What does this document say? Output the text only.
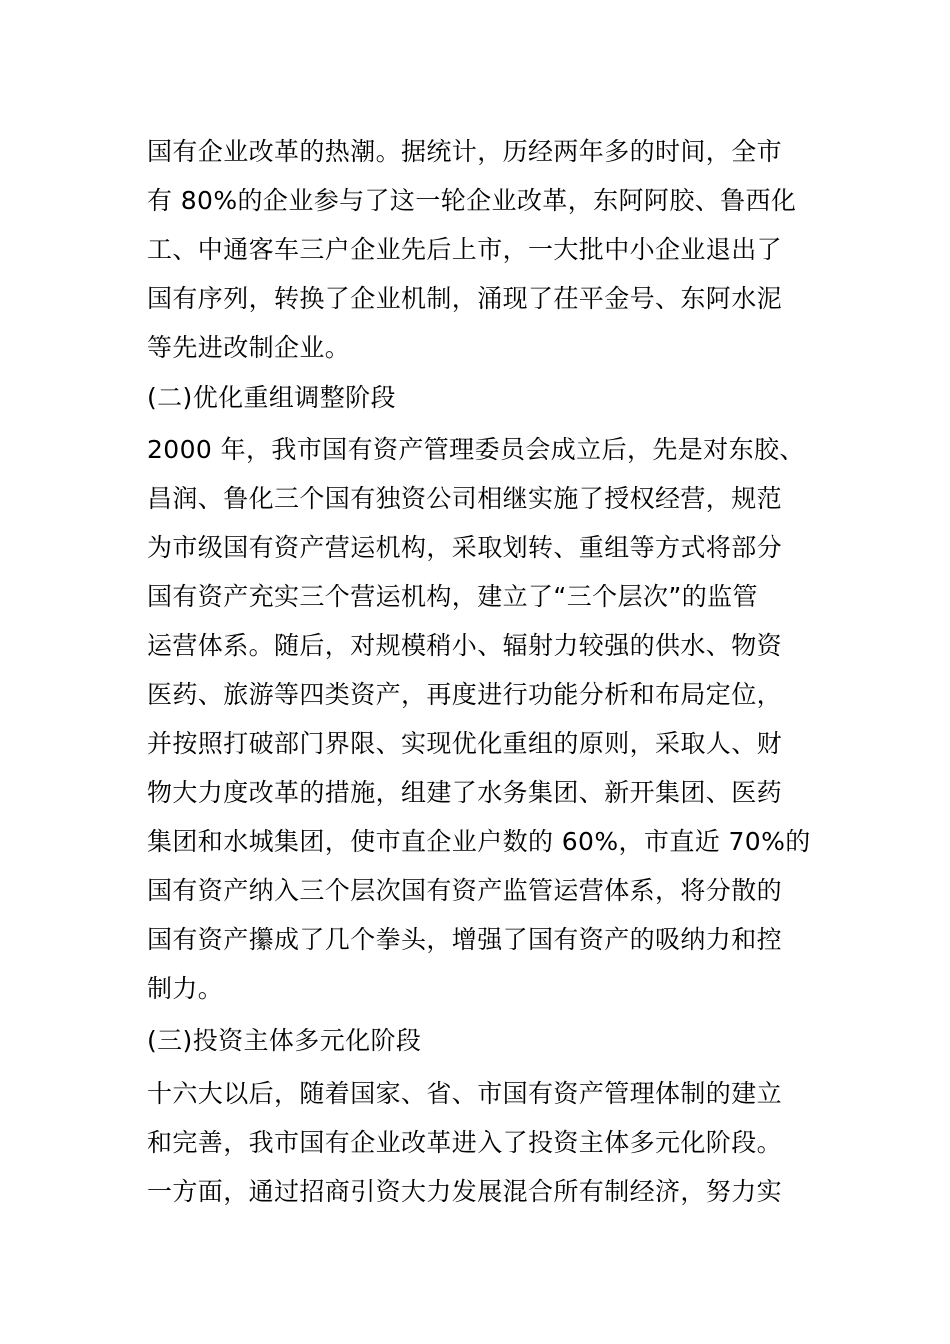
国有企业改革的热潮。据统计，历经两年多的时间，全市
有 80%的企业参与了这一轮企业改革，东阿阿胶、鲁西化
工、中通客车三户企业先后上市，一大批中小企业退出了
国有序列，转换了企业机制，涌现了茌平金号、东阿水泥
等先进改制企业。
(二)优化重组调整阶段
2000 年，我市国有资产管理委员会成立后，先是对东胶、
昌润、鲁化三个国有独资公司相继实施了授权经营，规范
为市级国有资产营运机构，采取划转、重组等方式将部分
国有资产充实三个营运机构，建立了“三个层次”的监管
运营体系。随后，对规模稍小、辐射力较强的供水、物资
医药、旅游等四类资产，再度进行功能分析和布局定位，
并按照打破部门界限、实现优化重组的原则，采取人、财
物大力度改革的措施，组建了水务集团、新开集团、医药
集团和水城集团，使市直企业户数的 60%，市直近 70%的
国有资产纳入三个层次国有资产监管运营体系，将分散的
国有资产攥成了几个拳头，增强了国有资产的吸纳力和控
制力。
(三)投资主体多元化阶段
十六大以后，随着国家、省、市国有资产管理体制的建立
和完善，我市国有企业改革进入了投资主体多元化阶段。
一方面，通过招商引资大力发展混合所有制经济，努力实
